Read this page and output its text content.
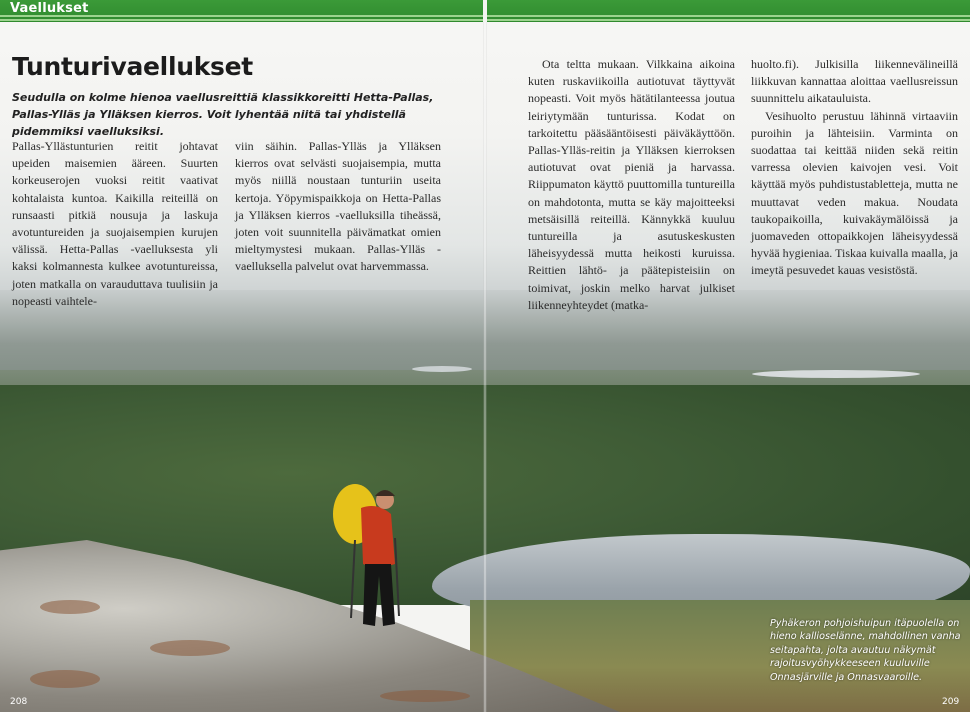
Vaellukset
Tunturivaellukset

Seudulla on kolme hienoa vaellusreittiä klassikkoreitti Hetta-Pallas, Pallas-Ylläs ja Ylläksen kierros. Voit lyhentää niitä tai yhdistellä pidemmiksi vaelluksiksi.

Pallas-Yllästunturien reitit johtavat upeiden maisemien ääreen. Suurten korkeuserojen vuoksi reitit vaativat kohtalaista kuntoa. Kaikilla reiteillä on runsaasti pitkiä nousuja ja laskuja avotuntureiden ja suojaisempien kurujen välissä. Hetta-Pallas -vaelluksesta yli kaksi kolmannesta kulkee avotuntureissa, joten matkalla on varauduttava tuulisiin ja nopeasti vaihtele-

viin säihin. Pallas-Ylläs ja Ylläksen kierros ovat selvästi suojaisempia, mutta myös niillä noustaan tunturiin useita kertoja. Yöpymispaikkoja on Hetta-Pallas ja Ylläksen kierros -vaelluksilla tiheässä, joten voit suunnitella päivämatkat omien mieltymystesi mukaan. Pallas-Ylläs -vaelluksella palvelut ovat harvemmassa.

Ota teltta mukaan. Vilkkaina aikoina kuten ruskaviikoilla autiotuvat täyttyvät nopeasti. Voit myös hätätilanteessa joutua leiriytymään tunturissa. Kodat on tarkoitettu pääsääntöisesti päiväkäyttöön. Pallas-Ylläs-reitin ja Ylläksen kierroksen autiotuvat ovat pieniä ja harvassa. Riippumaton käyttö puuttomilla tuntureilla on mahdotonta, mutta se käy majoitteeksi metsäisillä reiteillä. Kännykkä kuuluu tuntureilla ja asutuskeskusten läheisyydessä mutta heikosti kuruissa. Reittien lähtö- ja päätepisteisiin on toimivat, joskin melko harvat julkiset liikenneyhteydet (matka-

huolto.fi). Julkisilla liikennevälineillä liikkuvan kannattaa aloittaa vaellusreissun suunnittelu aikatauluista.

Vesihuolto perustuu lähinnä virtaaviin puroihin ja lähteisiin. Varminta on suodattaa tai keittää niiden sekä reitin varressa olevien kaivojen vesi. Voit käyttää myös puhdistustabletteja, mutta ne muuttavat veden makua. Noudata taukopaikoilla, kuivakäymälöissä ja juomaveden ottopaikkojen läheisyydessä hyvää hygieniaa. Tiskaa kuivalla maalla, ja imeytä pesuvedet kauas vesistöstä.

Pyhäkeron pohjoishuipun itäpuolella on hieno kallioselänne, mahdollinen vanha seitapahta, jolta avautuu näkymät rajoitusvyöhykkeeseen kuuluville Onnasjärville ja Onnasvaaroille.

208	209
